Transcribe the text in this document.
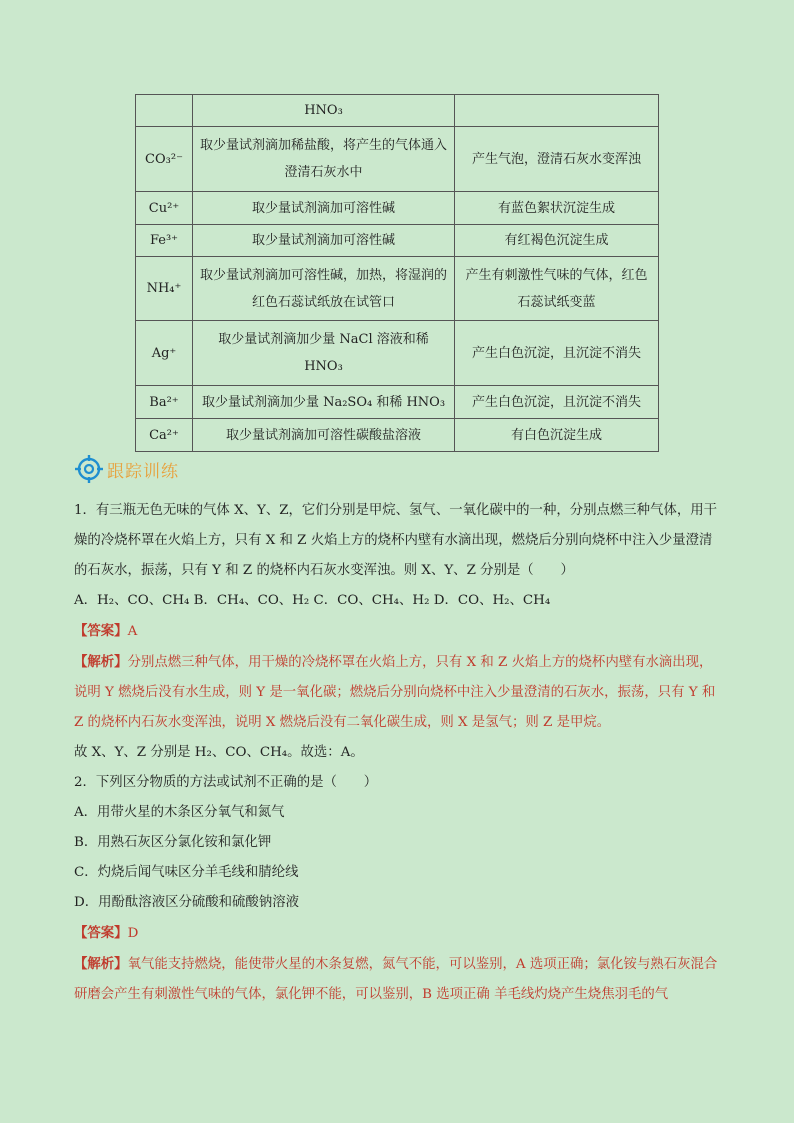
	HNO₃	
CO₃²⁻	取少量试剂滴加稀盐酸，将产生的气体通入澄清石灰水中	产生气泡，澄清石灰水变浑浊
Cu²⁺	取少量试剂滴加可溶性碱	有蓝色絮状沉淀生成
Fe³⁺	取少量试剂滴加可溶性碱	有红褐色沉淀生成
NH₄⁺	取少量试剂滴加可溶性碱，加热，将湿润的红色石蕊试纸放在试管口	产生有刺激性气味的气体，红色石蕊试纸变蓝
Ag⁺	取少量试剂滴加少量 NaCl 溶液和稀 HNO₃	产生白色沉淀，且沉淀不消失
Ba²⁺	取少量试剂滴加少量 Na₂SO₄ 和稀 HNO₃	产生白色沉淀，且沉淀不消失
Ca²⁺	取少量试剂滴加可溶性碳酸盐溶液	有白色沉淀生成
跟踪训练

1．有三瓶无色无味的气体 X、Y、Z，它们分别是甲烷、氢气、一氧化碳中的一种，分别点燃三种气体，用干燥的冷烧杯罩在火焰上方，只有 X 和 Z 火焰上方的烧杯内壁有水滴出现，燃烧后分别向烧杯中注入少量澄清的石灰水，振荡，只有 Y 和 Z 的烧杯内石灰水变浑浊。则 X、Y、Z 分别是（　　）

A．H₂、CO、CH₄ B．CH₄、CO、H₂ C．CO、CH₄、H₂ D．CO、H₂、CH₄

【答案】A

【解析】分别点燃三种气体，用干燥的冷烧杯罩在火焰上方，只有 X 和 Z 火焰上方的烧杯内壁有水滴出现，说明 Y 燃烧后没有水生成，则 Y 是一氧化碳；燃烧后分别向烧杯中注入少量澄清的石灰水，振荡，只有 Y 和 Z 的烧杯内石灰水变浑浊，说明 X 燃烧后没有二氧化碳生成，则 X 是氢气；则 Z 是甲烷。

故 X、Y、Z 分别是 H₂、CO、CH₄。故选：A。

2．下列区分物质的方法或试剂不正确的是（　　）

A．用带火星的木条区分氧气和氮气

B．用熟石灰区分氯化铵和氯化钾

C．灼烧后闻气味区分羊毛线和腈纶线

D．用酚酞溶液区分硫酸和硫酸钠溶液

【答案】D

【解析】氧气能支持燃烧，能使带火星的木条复燃，氮气不能，可以鉴别，A 选项正确；氯化铵与熟石灰混合研磨会产生有刺激性气味的气体，氯化钾不能，可以鉴别，B 选项正确 羊毛线灼烧产生烧焦羽毛的气
